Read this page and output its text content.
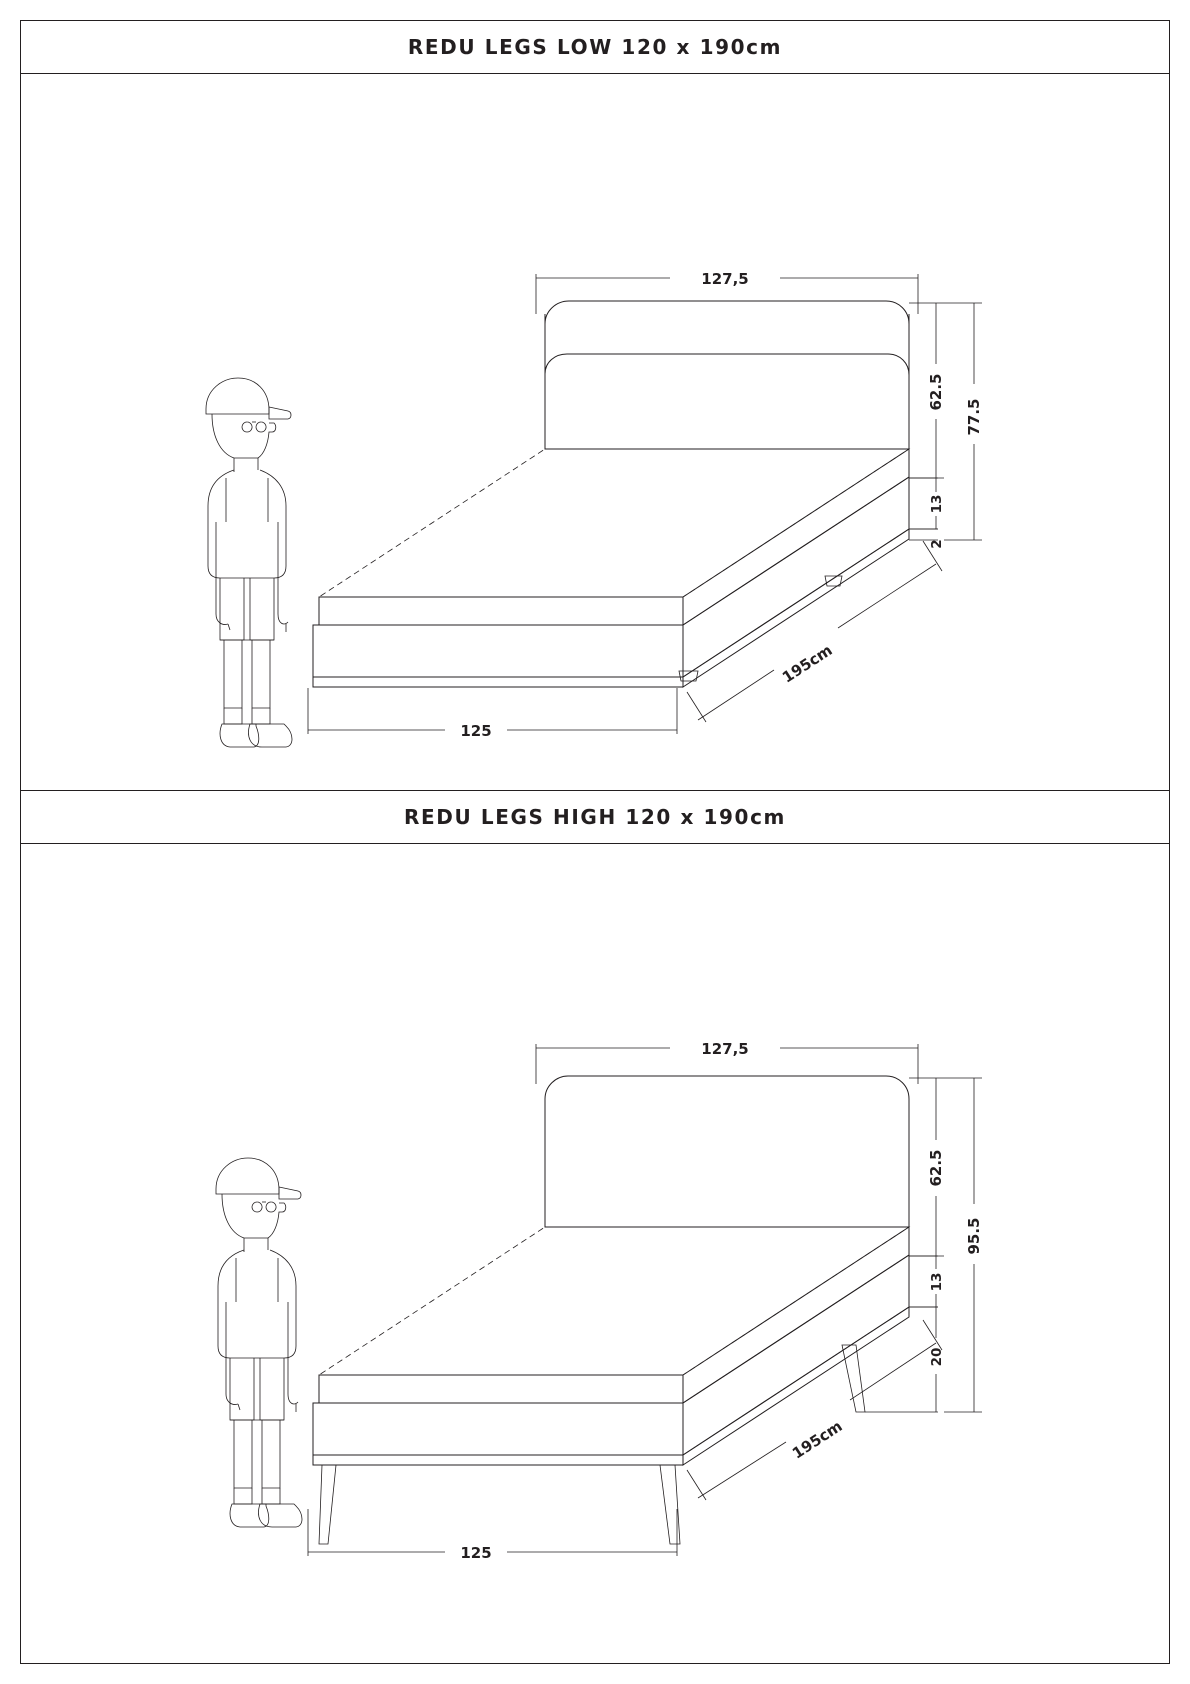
REDU LEGS LOW 120 x 190cm
127,5
62.5
13
2
77.5
195cm
125
REDU LEGS HIGH 120 x 190cm
127,5
62.5
13
20
95.5
195cm
125
